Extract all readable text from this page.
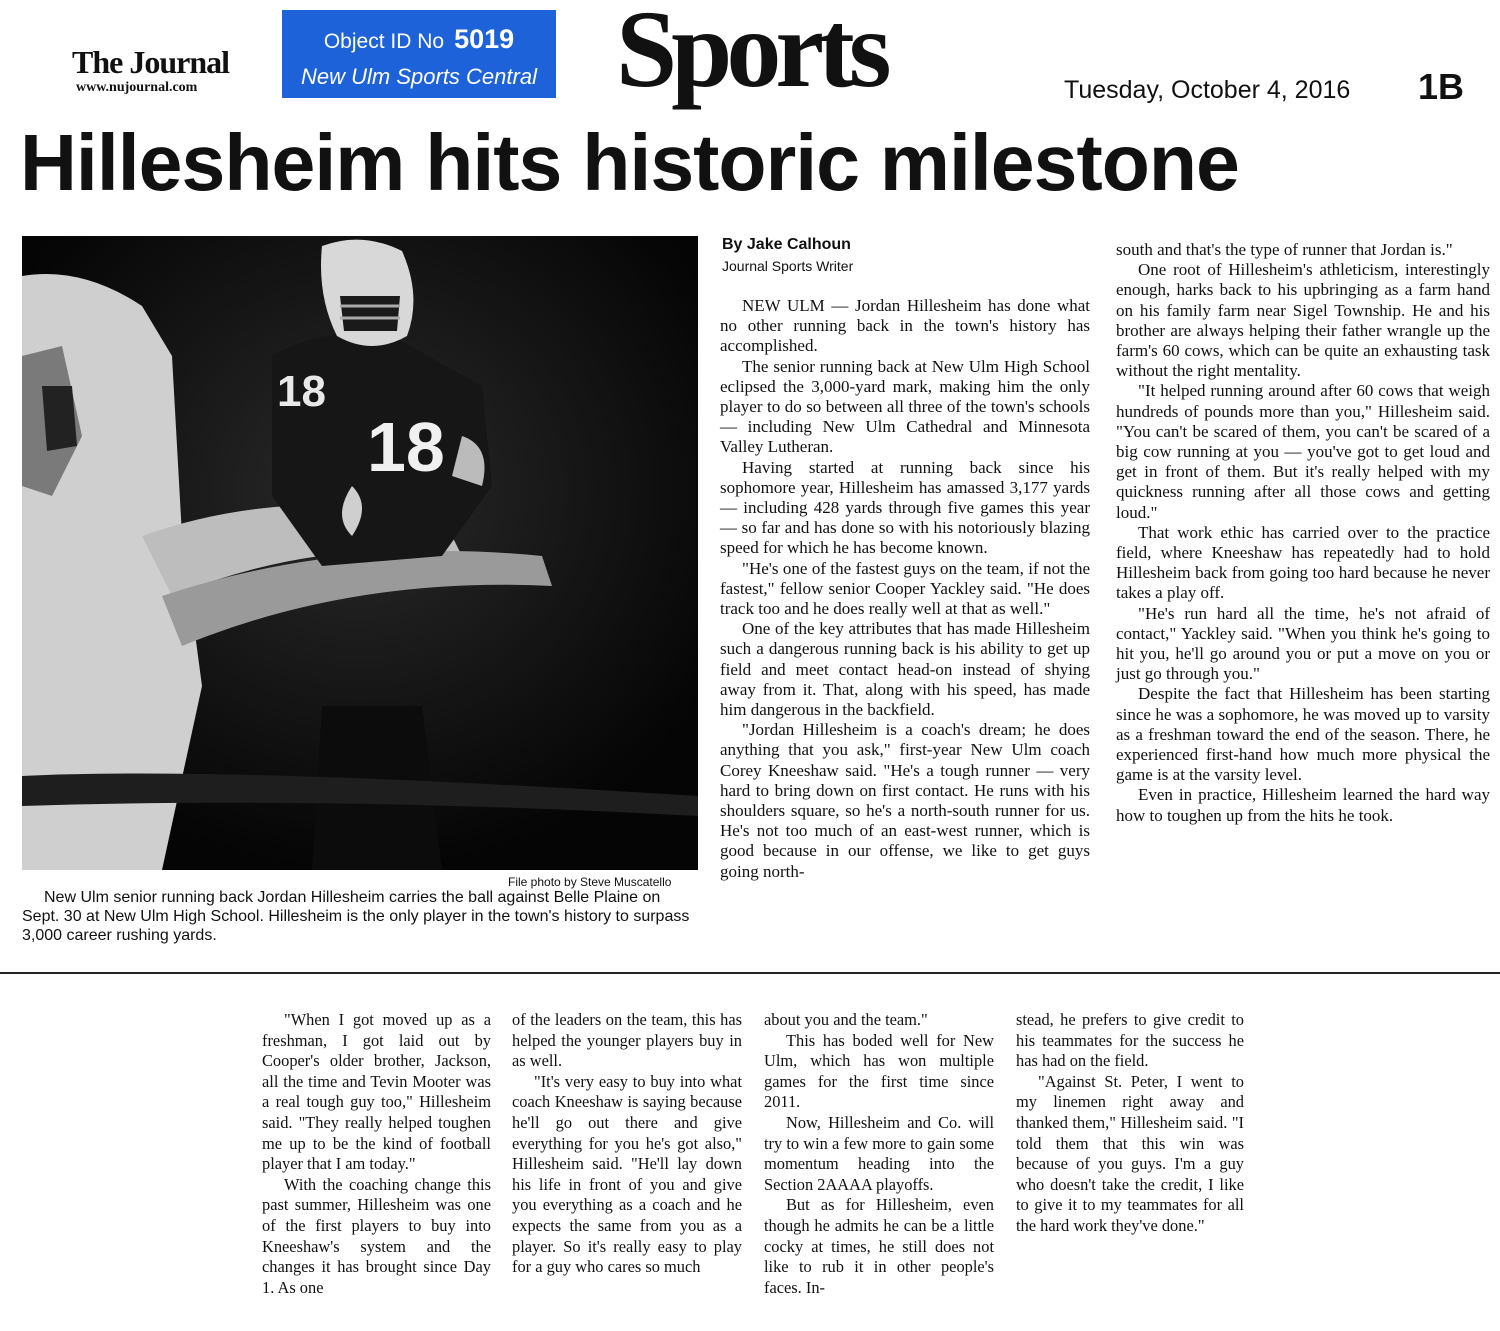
The Journal
www.nujournal.com
Object ID No 5019
New Ulm Sports Central Sports	Tuesday, October 4, 2016 1B
Hillesheim hits historic milestone
18
18
File photo by Steve Muscatello
New Ulm senior running back Jordan Hillesheim carries the ball against Belle Plaine on Sept. 30 at New Ulm High School. Hillesheim is the only player in the town's history to surpass 3,000 career rushing yards.
By Jake Calhoun
Journal Sports Writer

NEW ULM — Jordan Hillesheim has done what no other running back in the town's history has accomplished.

The senior running back at New Ulm High School eclipsed the 3,000-yard mark, making him the only player to do so between all three of the town's schools — including New Ulm Cathedral and Minnesota Valley Lutheran.

Having started at running back since his sophomore year, Hillesheim has amassed 3,177 yards — including 428 yards through five games this year — so far and has done so with his notoriously blazing speed for which he has become known.

"He's one of the fastest guys on the team, if not the fastest," fellow senior Cooper Yackley said. "He does track too and he does really well at that as well."

One of the key attributes that has made Hillesheim such a dangerous running back is his ability to get up field and meet contact head-on instead of shying away from it. That, along with his speed, has made him dangerous in the backfield.

"Jordan Hillesheim is a coach's dream; he does anything that you ask," first-year New Ulm coach Corey Kneeshaw said. "He's a tough runner — very hard to bring down on first contact. He runs with his shoulders square, so he's a north-south runner for us. He's not too much of an east-west runner, which is good because in our offense, we like to get guys going north-

south and that's the type of runner that Jordan is."

One root of Hillesheim's athleticism, interestingly enough, harks back to his upbringing as a farm hand on his family farm near Sigel Township. He and his brother are always helping their father wrangle up the farm's 60 cows, which can be quite an exhausting task without the right mentality.

"It helped running around after 60 cows that weigh hundreds of pounds more than you," Hillesheim said. "You can't be scared of them, you can't be scared of a big cow running at you — you've got to get loud and get in front of them. But it's really helped with my quickness running after all those cows and getting loud."

That work ethic has carried over to the practice field, where Kneeshaw has repeatedly had to hold Hillesheim back from going too hard because he never takes a play off.

"He's run hard all the time, he's not afraid of contact," Yackley said. "When you think he's going to hit you, he'll go around you or put a move on you or just go through you."

Despite the fact that Hillesheim has been starting since he was a sophomore, he was moved up to varsity as a freshman toward the end of the season. There, he experienced first-hand how much more physical the game is at the varsity level.

Even in practice, Hillesheim learned the hard way how to toughen up from the hits he took.

"When I got moved up as a freshman, I got laid out by Cooper's older brother, Jackson, all the time and Tevin Mooter was a real tough guy too," Hillesheim said. "They really helped toughen me up to be the kind of football player that I am today."

With the coaching change this past summer, Hillesheim was one of the first players to buy into Kneeshaw's system and the changes it has brought since Day 1. As one

of the leaders on the team, this has helped the younger players buy in as well.

"It's very easy to buy into what coach Kneeshaw is saying because he'll go out there and give everything for you he's got also," Hillesheim said. "He'll lay down his life in front of you and give you everything as a coach and he expects the same from you as a player. So it's really easy to play for a guy who cares so much

about you and the team."

This has boded well for New Ulm, which has won multiple games for the first time since 2011.

Now, Hillesheim and Co. will try to win a few more to gain some momentum heading into the Section 2AAAA playoffs.

But as for Hillesheim, even though he admits he can be a little cocky at times, he still does not like to rub it in other people's faces. In-

stead, he prefers to give credit to his teammates for the success he has had on the field.

"Against St. Peter, I went to my linemen right away and thanked them," Hillesheim said. "I told them that this win was because of you guys. I'm a guy who doesn't take the credit, I like to give it to my teammates for all the hard work they've done."
